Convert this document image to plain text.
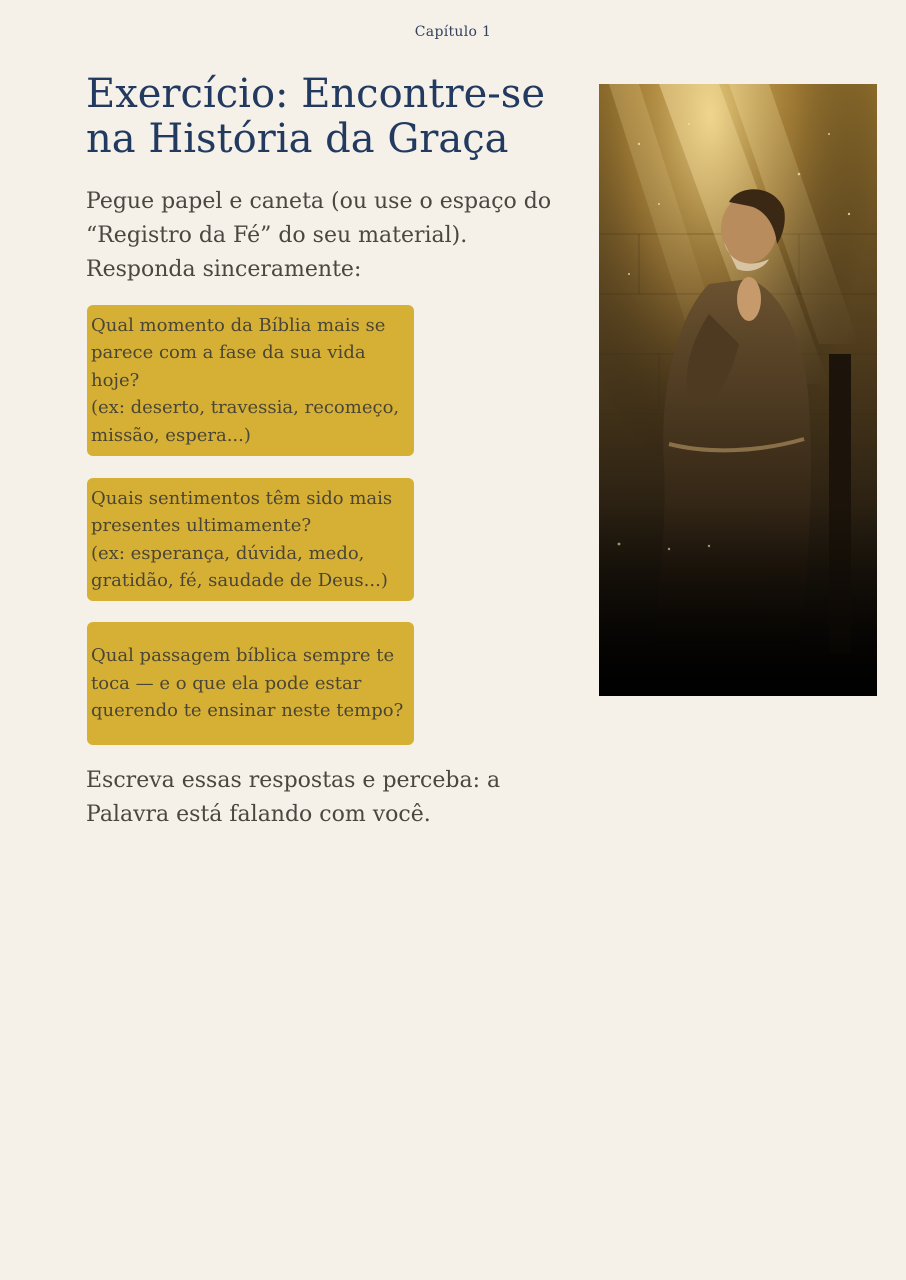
Capítulo 1
Exercício: Encontre-se na História da Graça

Pegue papel e caneta (ou use o espaço do “Registro da Fé” do seu material).
Responda sinceramente:

Qual momento da Bíblia mais se parece com a fase da sua vida hoje?
(ex: deserto, travessia, recomeço, missão, espera...)
Quais sentimentos têm sido mais presentes ultimamente?
(ex: esperança, dúvida, medo, gratidão, fé, saudade de Deus...)
Qual passagem bíblica sempre te toca — e o que ela pode estar querendo te ensinar neste tempo?

Escreva essas respostas e perceba: a Palavra está falando com você.
